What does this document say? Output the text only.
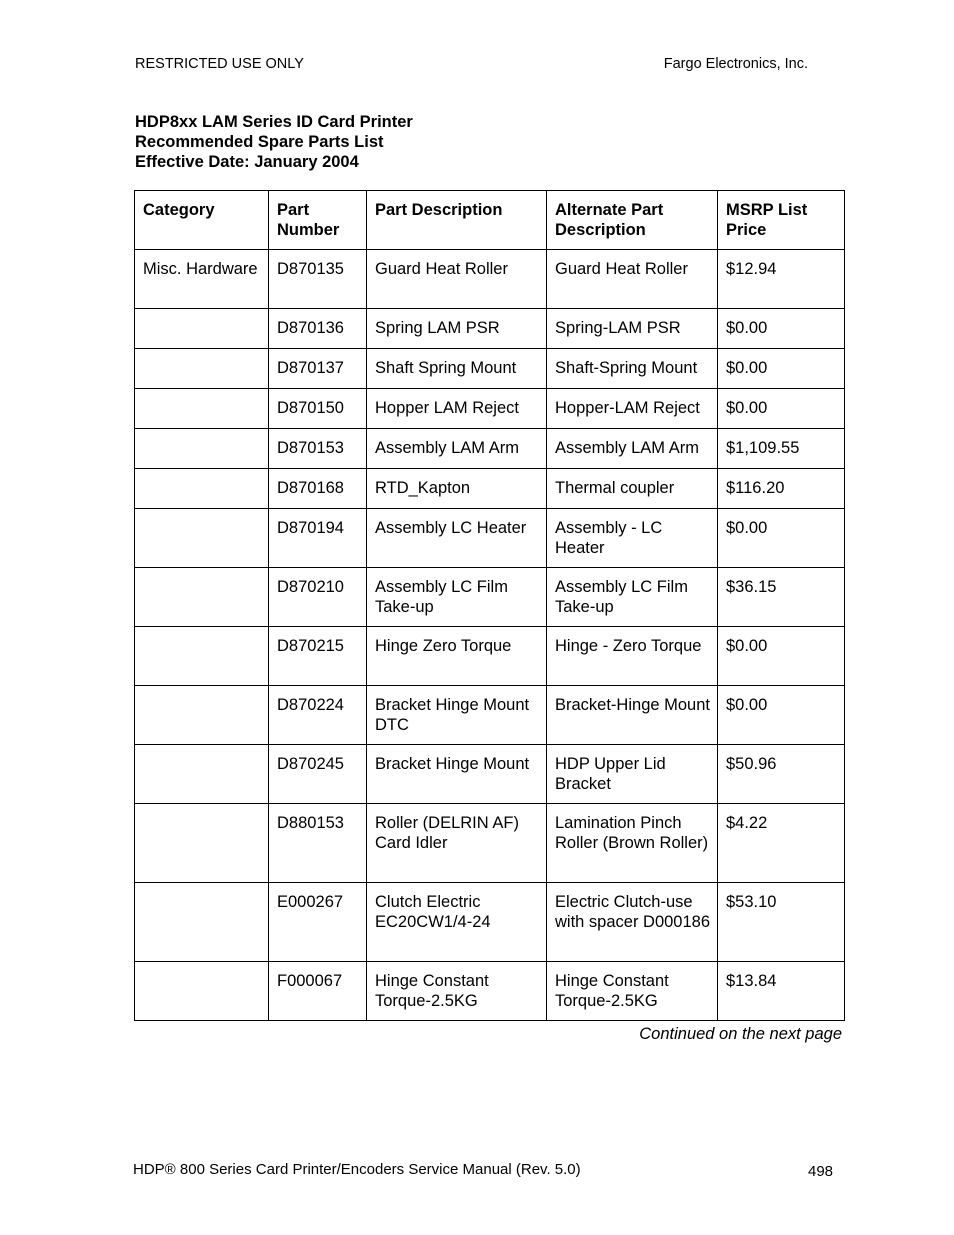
RESTRICTED USE ONLY	Fargo Electronics, Inc.
HDP8xx LAM Series ID Card Printer
Recommended Spare Parts List
Effective Date: January 2004
Category	Part Number	Part Description	Alternate Part Description	MSRP List Price
Misc. Hardware	D870135	Guard Heat Roller	Guard Heat Roller	$12.94
	D870136	Spring LAM PSR	Spring-LAM PSR	$0.00
	D870137	Shaft Spring Mount	Shaft-Spring Mount	$0.00
	D870150	Hopper LAM Reject	Hopper-LAM Reject	$0.00
	D870153	Assembly LAM Arm	Assembly LAM Arm	$1,109.55
	D870168	RTD_Kapton	Thermal coupler	$116.20
	D870194	Assembly LC Heater	Assembly - LC Heater	$0.00
	D870210	Assembly LC Film Take-up	Assembly LC Film Take-up	$36.15
	D870215	Hinge Zero Torque	Hinge - Zero Torque	$0.00
	D870224	Bracket Hinge Mount DTC	Bracket-Hinge Mount	$0.00
	D870245	Bracket Hinge Mount	HDP Upper Lid Bracket	$50.96
	D880153	Roller (DELRIN AF) Card Idler	Lamination Pinch Roller (Brown Roller)	$4.22
	E000267	Clutch Electric EC20CW1/4-24	Electric Clutch-use with spacer D000186	$53.10
	F000067	Hinge Constant Torque-2.5KG	Hinge Constant Torque-2.5KG	$13.84
Continued on the next page
HDP® 800 Series Card Printer/Encoders Service Manual (Rev. 5.0)	498
